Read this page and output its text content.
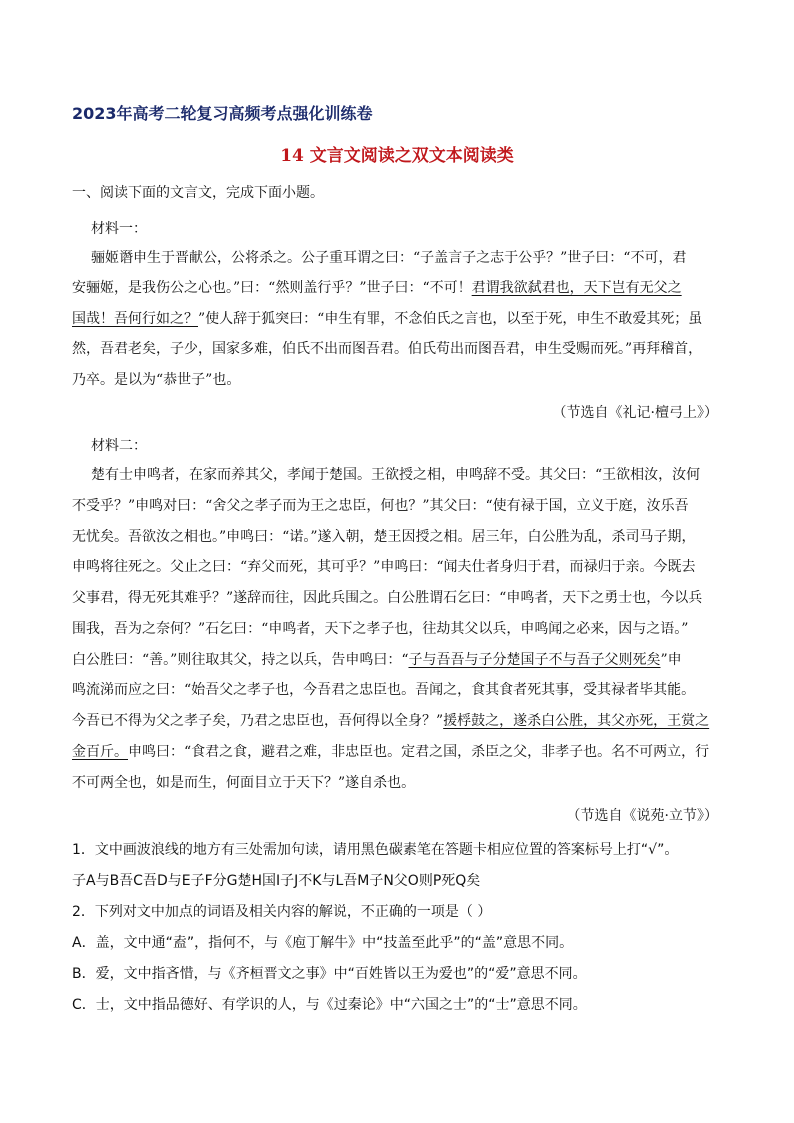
2023年高考二轮复习高频考点强化训练卷
14 文言文阅读之双文本阅读类
一、阅读下面的文言文，完成下面小题。
材料一：
骊姬谮申生于晋献公，公将杀之。公子重耳谓之曰：“子盖言子之志于公乎？”世子曰：“不可，君
安骊姬，是我伤公之心也。”曰：“然则盖行乎？”世子曰：“不可！君谓我欲弑君也，天下岂有无父之
国哉！吾何行如之？”使人辞于狐突曰：“申生有罪，不念伯氏之言也，以至于死，申生不敢爱其死；虽
然，吾君老矣，子少，国家多难，伯氏不出而图吾君。伯氏苟出而图吾君，申生受赐而死。”再拜稽首，
乃卒。是以为“恭世子”也。
（节选自《礼记·檀弓上》）
材料二：
楚有士申鸣者，在家而养其父，孝闻于楚国。王欲授之相，申鸣辞不受。其父曰：“王欲相汝，汝何
不受乎？”申鸣对曰：“舍父之孝子而为王之忠臣，何也？”其父曰：“使有禄于国，立义于庭，汝乐吾
无忧矣。吾欲汝之相也。”申鸣曰：“诺。”遂入朝，楚王因授之相。居三年，白公胜为乱，杀司马子期，
申鸣将往死之。父止之曰：“弃父而死，其可乎？”申鸣曰：“闻夫仕者身归于君，而禄归于亲。今既去
父事君，得无死其难乎？”遂辞而往，因此兵围之。白公胜谓石乞曰：“申鸣者，天下之勇士也，今以兵
围我，吾为之奈何？”石乞曰：“申鸣者，天下之孝子也，往劫其父以兵，申鸣闻之必来，因与之语。”
白公胜曰：“善。”则往取其父，持之以兵，告申鸣曰：“子与吾吾与子分楚国子不与吾子父则死矣”申
鸣流涕而应之曰：“始吾父之孝子也，今吾君之忠臣也。吾闻之，食其食者死其事，受其禄者毕其能。
今吾已不得为父之孝子矣，乃君之忠臣也，吾何得以全身？”援桴鼓之，遂杀白公胜，其父亦死，王赏之
金百斤。申鸣曰：“食君之食，避君之难，非忠臣也。定君之国，杀臣之父，非孝子也。名不可两立，行
不可两全也，如是而生，何面目立于天下？”遂自杀也。
（节选自《说苑·立节》）
1．文中画波浪线的地方有三处需加句读，请用黑色碳素笔在答题卡相应位置的答案标号上打“√”。
子A与B吾C吾D与E子F分G楚H国I子J不K与L吾M子N父O则P死Q矣
2．下列对文中加点的词语及相关内容的解说，不正确的一项是（ ）
A．盖，文中通“盍”，指何不，与《庖丁解牛》中“技盖至此乎”的“盖”意思不同。
B．爱，文中指吝惜，与《齐桓晋文之事》中“百姓皆以王为爱也”的“爱”意思不同。
C．士，文中指品德好、有学识的人，与《过秦论》中“六国之士”的“士”意思不同。
